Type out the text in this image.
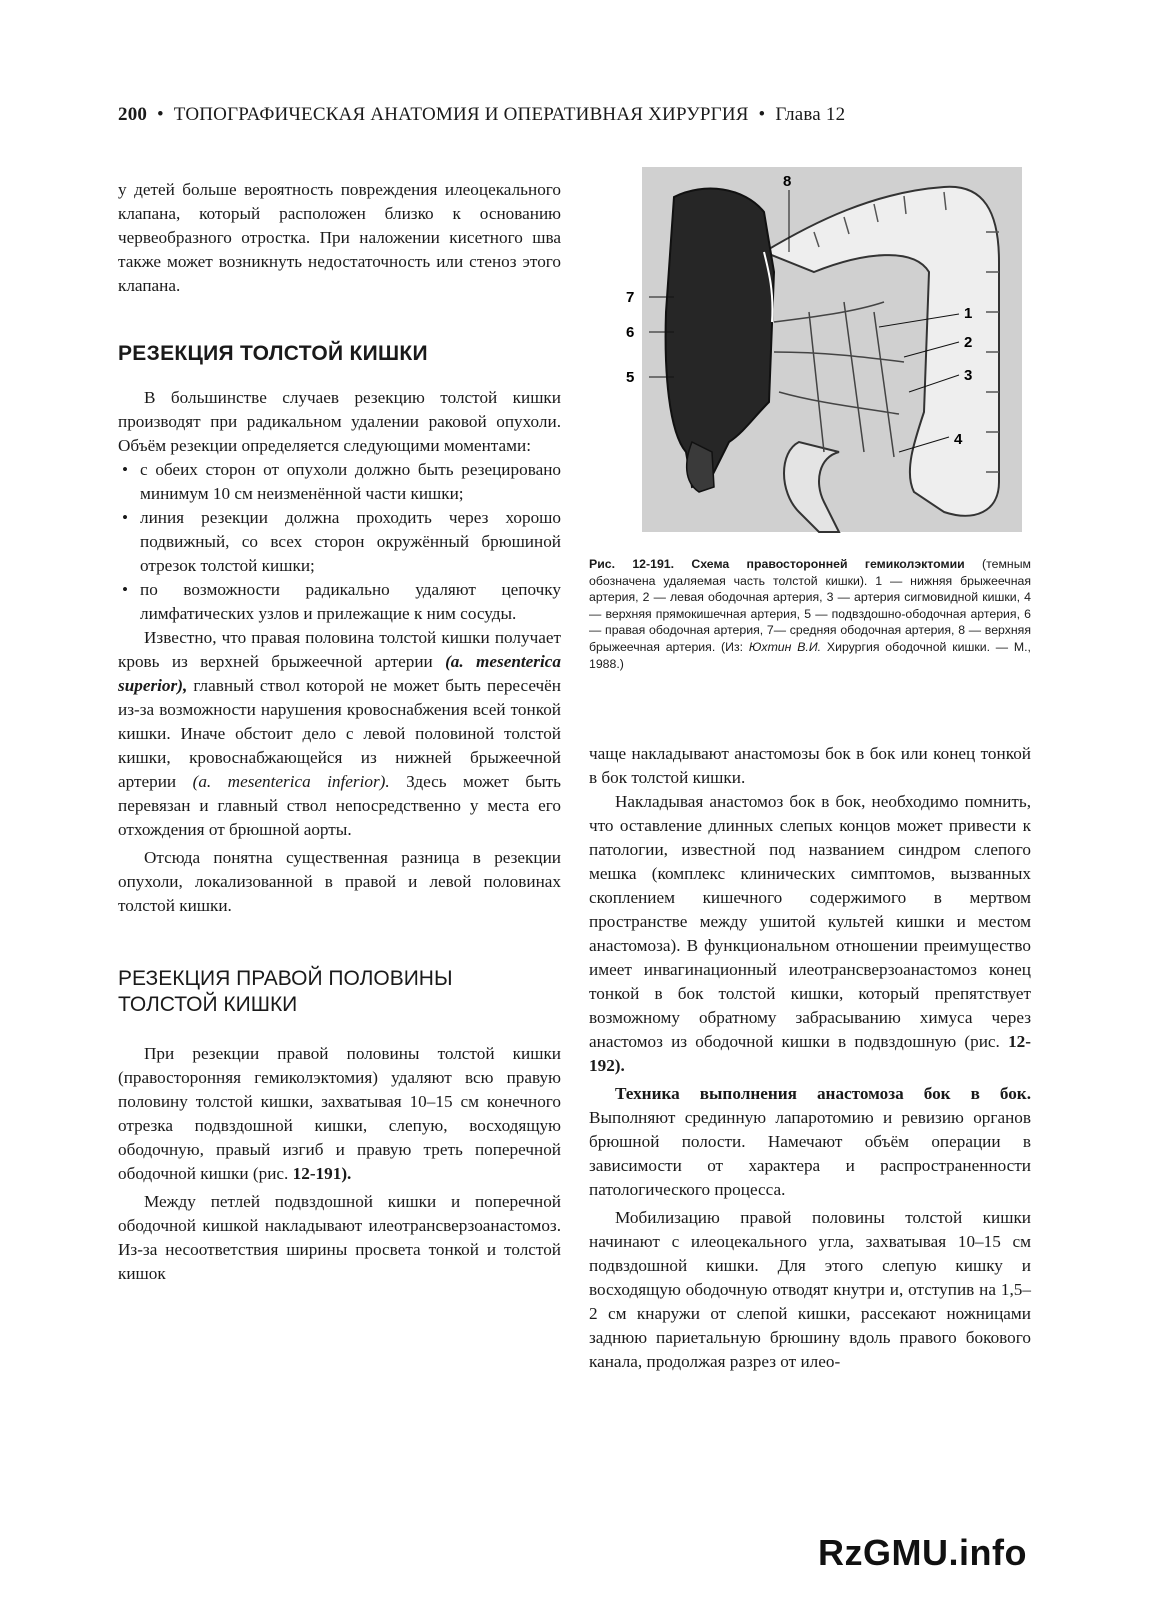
200 • ТОПОГРАФИЧЕСКАЯ АНАТОМИЯ И ОПЕРАТИВНАЯ ХИРУРГИЯ • Глава 12

у детей больше вероятность повреждения илеоцекального клапана, который расположен близко к основанию червеобразного отростка. При наложении кисетного шва также может возникнуть недостаточность или стеноз этого клапана.

РЕЗЕКЦИЯ ТОЛСТОЙ КИШКИ

В большинстве случаев резекцию толстой кишки производят при радикальном удалении раковой опухоли. Объём резекции определяется следующими моментами:

• с обеих сторон от опухоли должно быть резецировано минимум 10 см неизменённой части кишки;
• линия резекции должна проходить через хорошо подвижный, со всех сторон окружённый брюшиной отрезок толстой кишки;
• по возможности радикально удаляют цепочку лимфатических узлов и прилежащие к ним сосуды.

Известно, что правая половина толстой кишки получает кровь из верхней брыжеечной артерии (a. mesenterica superior), главный ствол которой не может быть пересечён из-за возможности нарушения кровоснабжения всей тонкой кишки. Иначе обстоит дело с левой половиной толстой кишки, кровоснабжающейся из нижней брыжеечной артерии (a. mesenterica inferior). Здесь может быть перевязан и главный ствол непосредственно у места его отхождения от брюшной аорты.

Отсюда понятна существенная разница в резекции опухоли, локализованной в правой и левой половинах толстой кишки.

РЕЗЕКЦИЯ ПРАВОЙ ПОЛОВИНЫ
ТОЛСТОЙ КИШКИ

При резекции правой половины толстой кишки (правосторонняя гемиколэктомия) удаляют всю правую половину толстой кишки, захватывая 10–15 см конечного отрезка подвздошной кишки, слепую, восходящую ободочную, правый изгиб и правую треть поперечной ободочной кишки (рис. 12-191).

Между петлей подвздошной кишки и поперечной ободочной кишкой накладывают илеотрансверзоанастомоз. Из-за несоответствия ширины просвета тонкой и толстой кишок

1
2
3
4
5
6
7
8
Рис. 12-191. Схема правосторонней гемиколэктомии (темным обозначена удаляемая часть толстой кишки). 1 — нижняя брыжеечная артерия, 2 — левая ободочная артерия, 3 — артерия сигмовидной кишки, 4 — верхняя прямокишечная артерия, 5 — подвздошно-ободочная артерия, 6 — правая ободочная артерия, 7— средняя ободочная артерия, 8 — верхняя брыжеечная артерия. (Из: Юхтин В.И. Хирургия ободочной кишки. — М., 1988.)

чаще накладывают анастомозы бок в бок или конец тонкой в бок толстой кишки.

Накладывая анастомоз бок в бок, необходимо помнить, что оставление длинных слепых концов может привести к патологии, известной под названием синдром слепого мешка (комплекс клинических симптомов, вызванных скоплением кишечного содержимого в мертвом пространстве между ушитой культей кишки и местом анастомоза). В функциональном отношении преимущество имеет инвагинационный илеотрансверзоанастомоз конец тонкой в бок толстой кишки, который препятствует возможному обратному забрасыванию химуса через анастомоз из ободочной кишки в подвздошную (рис. 12-192).

Техника выполнения анастомоза бок в бок. Выполняют срединную лапаротомию и ревизию органов брюшной полости. Намечают объём операции в зависимости от характера и распространенности патологического процесса.

Мобилизацию правой половины толстой кишки начинают с илеоцекального угла, захватывая 10–15 см подвздошной кишки. Для этого слепую кишку и восходящую ободочную отводят кнутри и, отступив на 1,5–2 см кнаружи от слепой кишки, рассекают ножницами заднюю париетальную брюшину вдоль правого бокового канала, продолжая разрез от илео-

RzGMU.info
